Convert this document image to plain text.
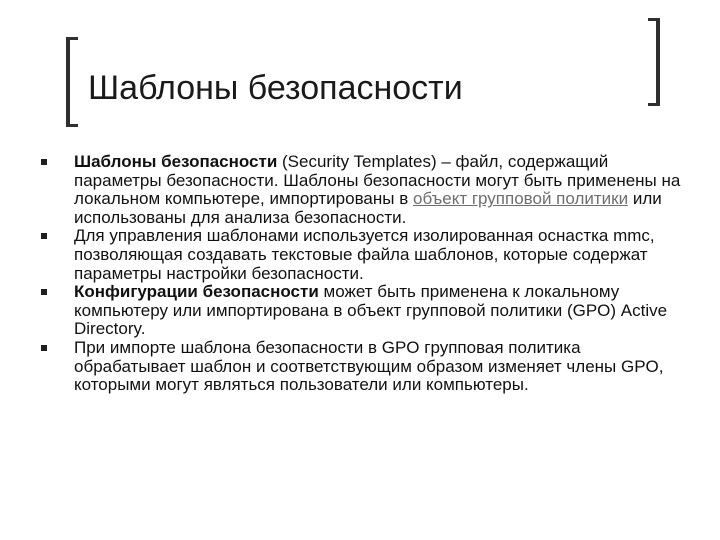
Шаблоны безопасности
Шаблоны безопасности (Security Templates) – файл, содержащий параметры безопасности. Шаблоны безопасности могут быть применены на локальном компьютере, импортированы в объект групповой политики или использованы для анализа безопасности.
Для управления шаблонами используется изолированная оснастка mmc, позволяющая создавать текстовые файла шаблонов, которые содержат параметры настройки безопасности.
Конфигурации безопасности может быть применена к локальному компьютеру или импортирована в объект групповой политики (GPO) Active Directory.
При импорте шаблона безопасности в GPO групповая политика обрабатывает шаблон и соответствующим образом изменяет члены GPO, которыми могут являться пользователи или компьютеры.
